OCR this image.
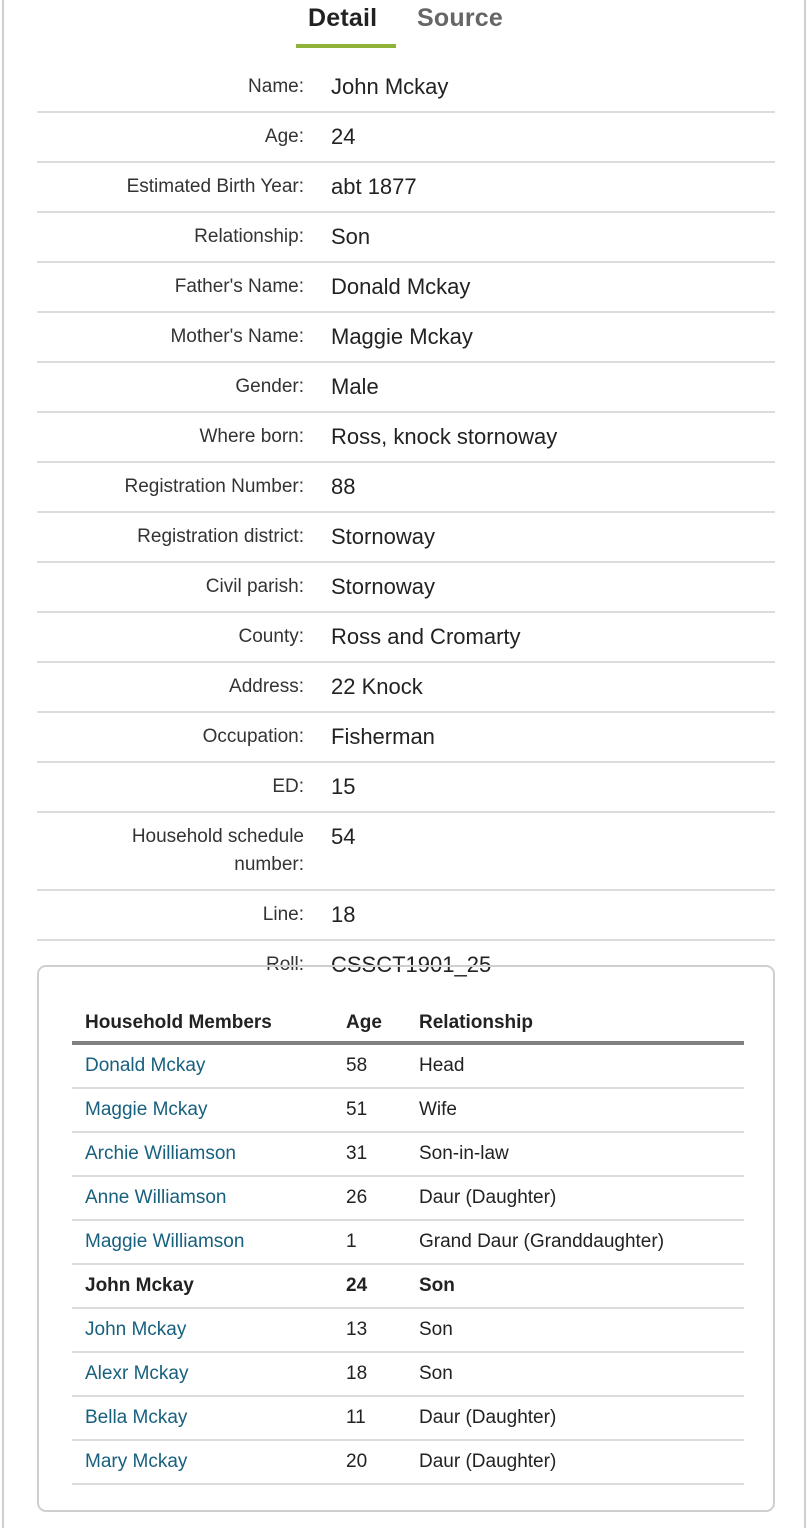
Detail Source
Name: John Mckay
Age: 24
Estimated Birth Year: abt 1877
Relationship: Son
Father's Name: Donald Mckay
Mother's Name: Maggie Mckay
Gender: Male
Where born: Ross, knock stornoway
Registration Number: 88
Registration district: Stornoway
Civil parish: Stornoway
County: Ross and Cromarty
Address: 22 Knock
Occupation: Fisherman
ED: 15
Household schedule number:
54
Line: 18
Roll: CSSCT1901_25
Household Members	Age	Relationship
Donald Mckay	58	Head
Maggie Mckay	51	Wife
Archie Williamson	31	Son-in-law
Anne Williamson	26	Daur (Daughter)
Maggie Williamson	1	Grand Daur (Granddaughter)
John Mckay	24	Son
John Mckay	13	Son
Alexr Mckay	18	Son
Bella Mckay	11	Daur (Daughter)
Mary Mckay	20	Daur (Daughter)
